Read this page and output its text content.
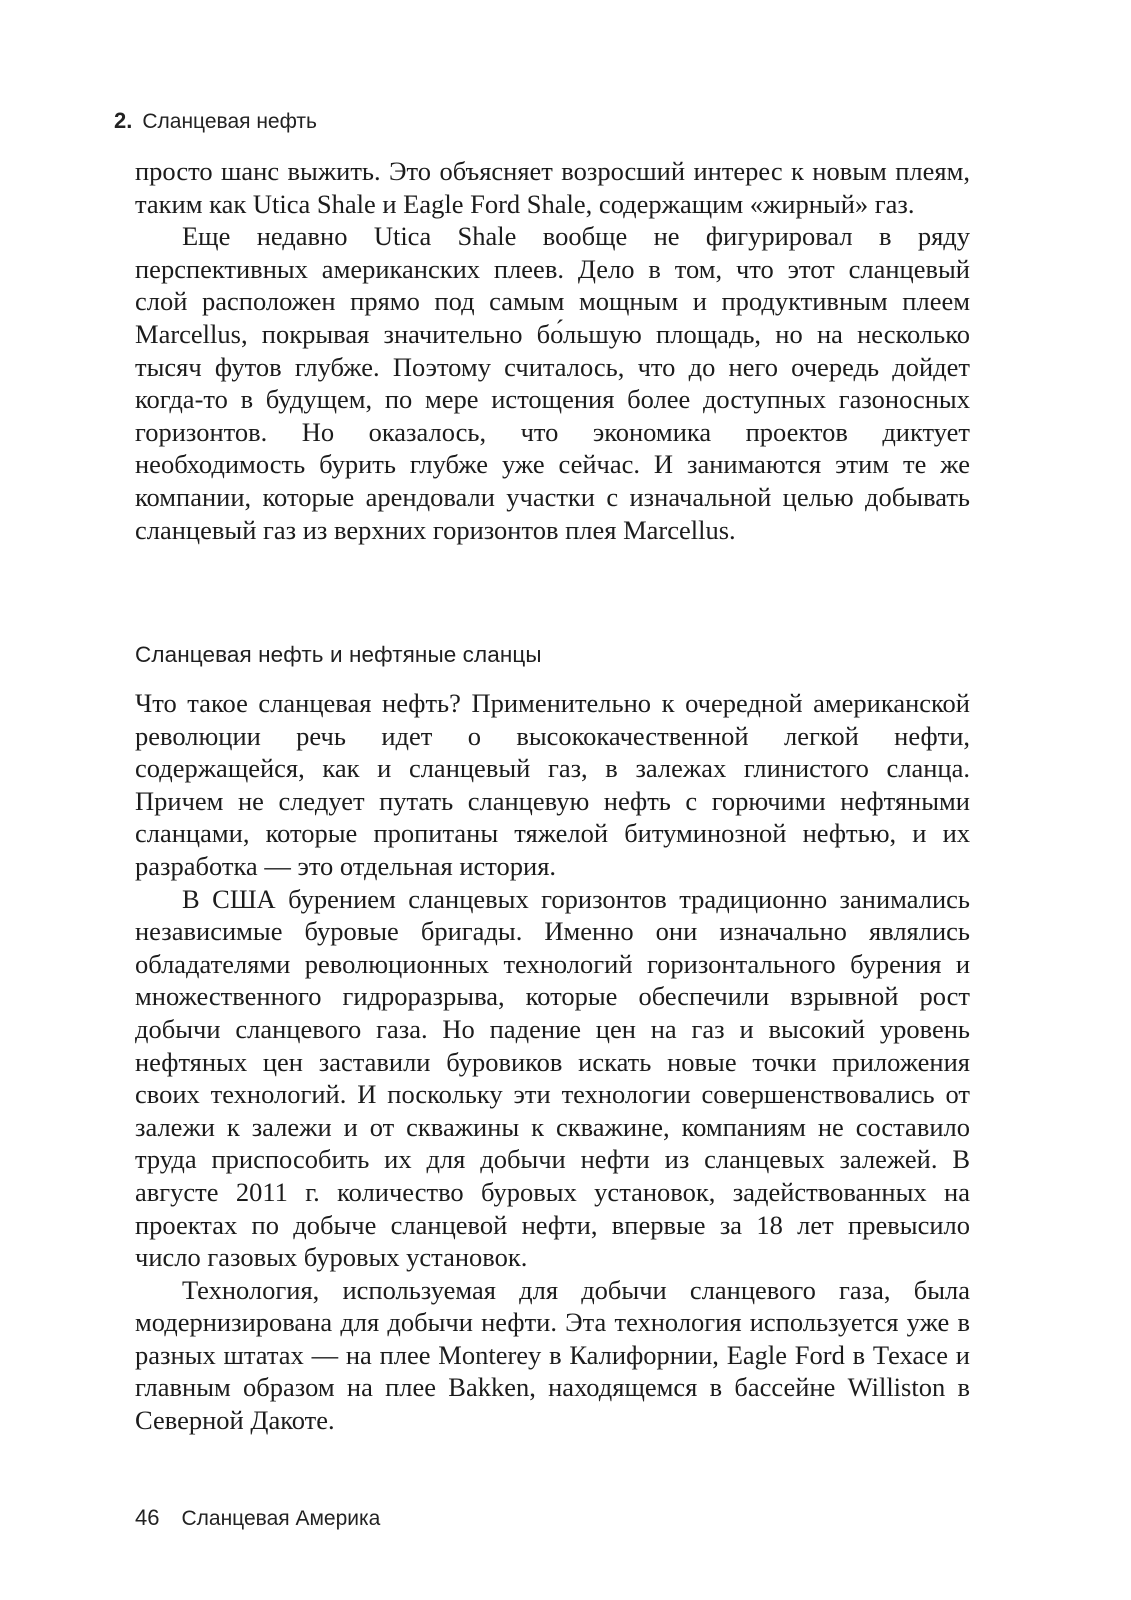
2. Сланцевая нефть

просто шанс выжить. Это объясняет возросший интерес к новым плеям, таким как Utica Shale и Eagle Ford Shale, содержащим «жирный» газ.

Еще недавно Utica Shale вообще не фигурировал в ряду перспективных американских плеев. Дело в том, что этот сланцевый слой расположен прямо под самым мощным и продуктивным плеем Marcellus, покрывая значительно бо́льшую площадь, но на несколько тысяч футов глубже. Поэтому считалось, что до него очередь дойдет когда-то в будущем, по мере истощения более доступных газоносных горизонтов. Но оказалось, что экономика проектов диктует необходимость бурить глубже уже сейчас. И занимаются этим те же компании, которые арендовали участки с изначальной целью добывать сланцевый газ из верхних горизонтов плея Marcellus.

Сланцевая нефть и нефтяные сланцы

Что такое сланцевая нефть? Применительно к очередной американской революции речь идет о высококачественной легкой нефти, содержащейся, как и сланцевый газ, в залежах глинистого сланца. Причем не следует путать сланцевую нефть с горючими нефтяными сланцами, которые пропитаны тяжелой битуминозной нефтью, и их разработка — это отдельная история.

В США бурением сланцевых горизонтов традиционно занимались независимые буровые бригады. Именно они изначально являлись обладателями революционных технологий горизонтального бурения и множественного гидроразрыва, которые обеспечили взрывной рост добычи сланцевого газа. Но падение цен на газ и высокий уровень нефтяных цен заставили буровиков искать новые точки приложения своих технологий. И поскольку эти технологии совершенствовались от залежи к залежи и от скважины к скважине, компаниям не составило труда приспособить их для добычи нефти из сланцевых залежей. В августе 2011 г. количество буровых установок, задействованных на проектах по добыче сланцевой нефти, впервые за 18 лет превысило число газовых буровых установок.

Технология, используемая для добычи сланцевого газа, была модернизирована для добычи нефти. Эта технология используется уже в разных штатах — на плее Monterey в Калифорнии, Eagle Ford в Техасе и главным образом на плее Bakken, находящемся в бассейне Williston в Северной Дакоте.

46 Сланцевая Америка
